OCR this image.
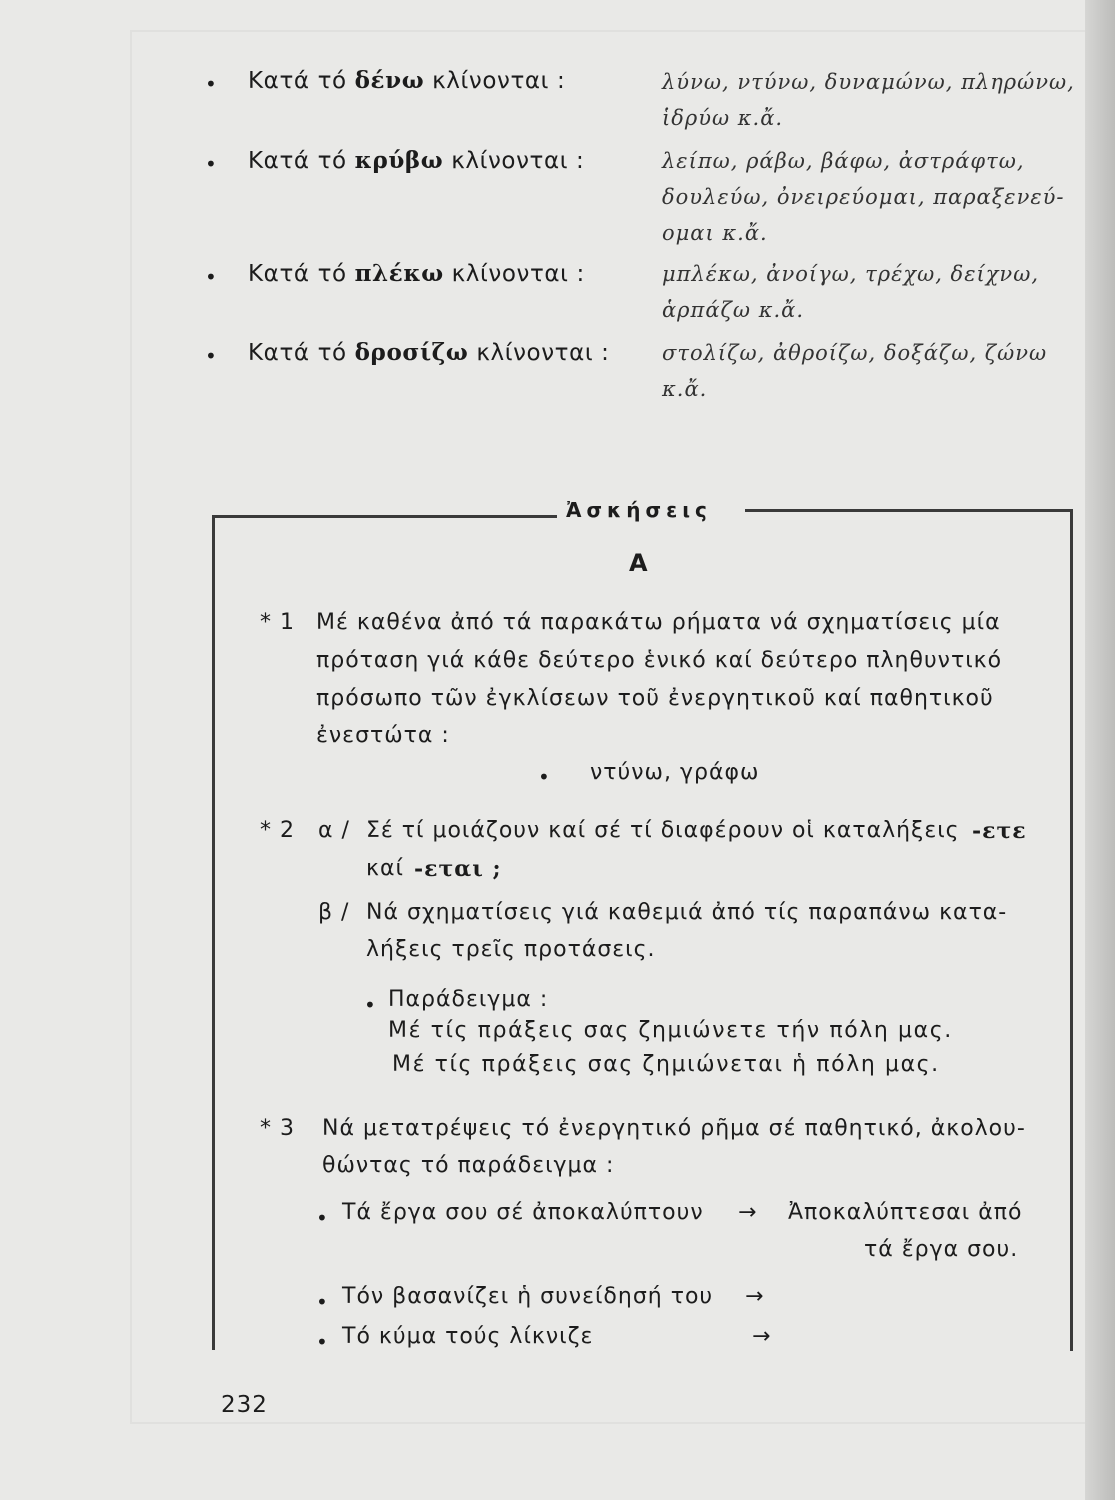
• Κατά τό δένω κλίνονται :	λύνω, ντύνω, δυναμώνω, πληρώνω,
ἱδρύω κ.ἄ.
• Κατά τό κρύβω κλίνονται :	λείπω, ράβω, βάφω, ἀστράφτω,
δουλεύω, ὀνειρεύομαι, παραξενεύ-
ομαι κ.ἄ.
• Κατά τό πλέκω κλίνονται :	μπλέκω, ἀνοίγω, τρέχω, δείχνω,
ἁρπάζω κ.ἄ.
• Κατά τό δροσίζω κλίνονται :	στολίζω, ἀθροίζω, δοξάζω, ζώνω
κ.ἄ.
Ἀσκήσεις
Α
* 1 Μέ καθένα ἀπό τά παρακάτω ρήματα νά σχηματίσεις μία
πρόταση γιά κάθε δεύτερο ἑνικό καί δεύτερο πληθυντικό
πρόσωπο τῶν ἐγκλίσεων τοῦ ἐνεργητικοῦ καί παθητικοῦ
ἐνεστώτα :
• ντύνω, γράφω
* 2 α / Σέ τί μοιάζουν καί σέ τί διαφέρουν οἱ καταλήξεις -ετε
καί -εται ;
β / Νά σχηματίσεις γιά καθεμιά ἀπό τίς παραπάνω κατα-
λήξεις τρεῖς προτάσεις.
• Παράδειγμα :
Μέ τίς πράξεις σας ζημιώνετε τήν πόλη μας.
Μέ τίς πράξεις σας ζημιώνεται ἡ πόλη μας.
* 3 Νά μετατρέψεις τό ἐνεργητικό ρῆμα σέ παθητικό, ἀκολου-
θώντας τό παράδειγμα :
• Τά ἔργα σου σέ ἀποκαλύπτουν → Ἀποκαλύπτεσαι ἀπό
τά ἔργα σου.
• Τόν βασανίζει ἡ συνείδησή του →
• Τό κύμα τούς λίκνιζε	→
232
